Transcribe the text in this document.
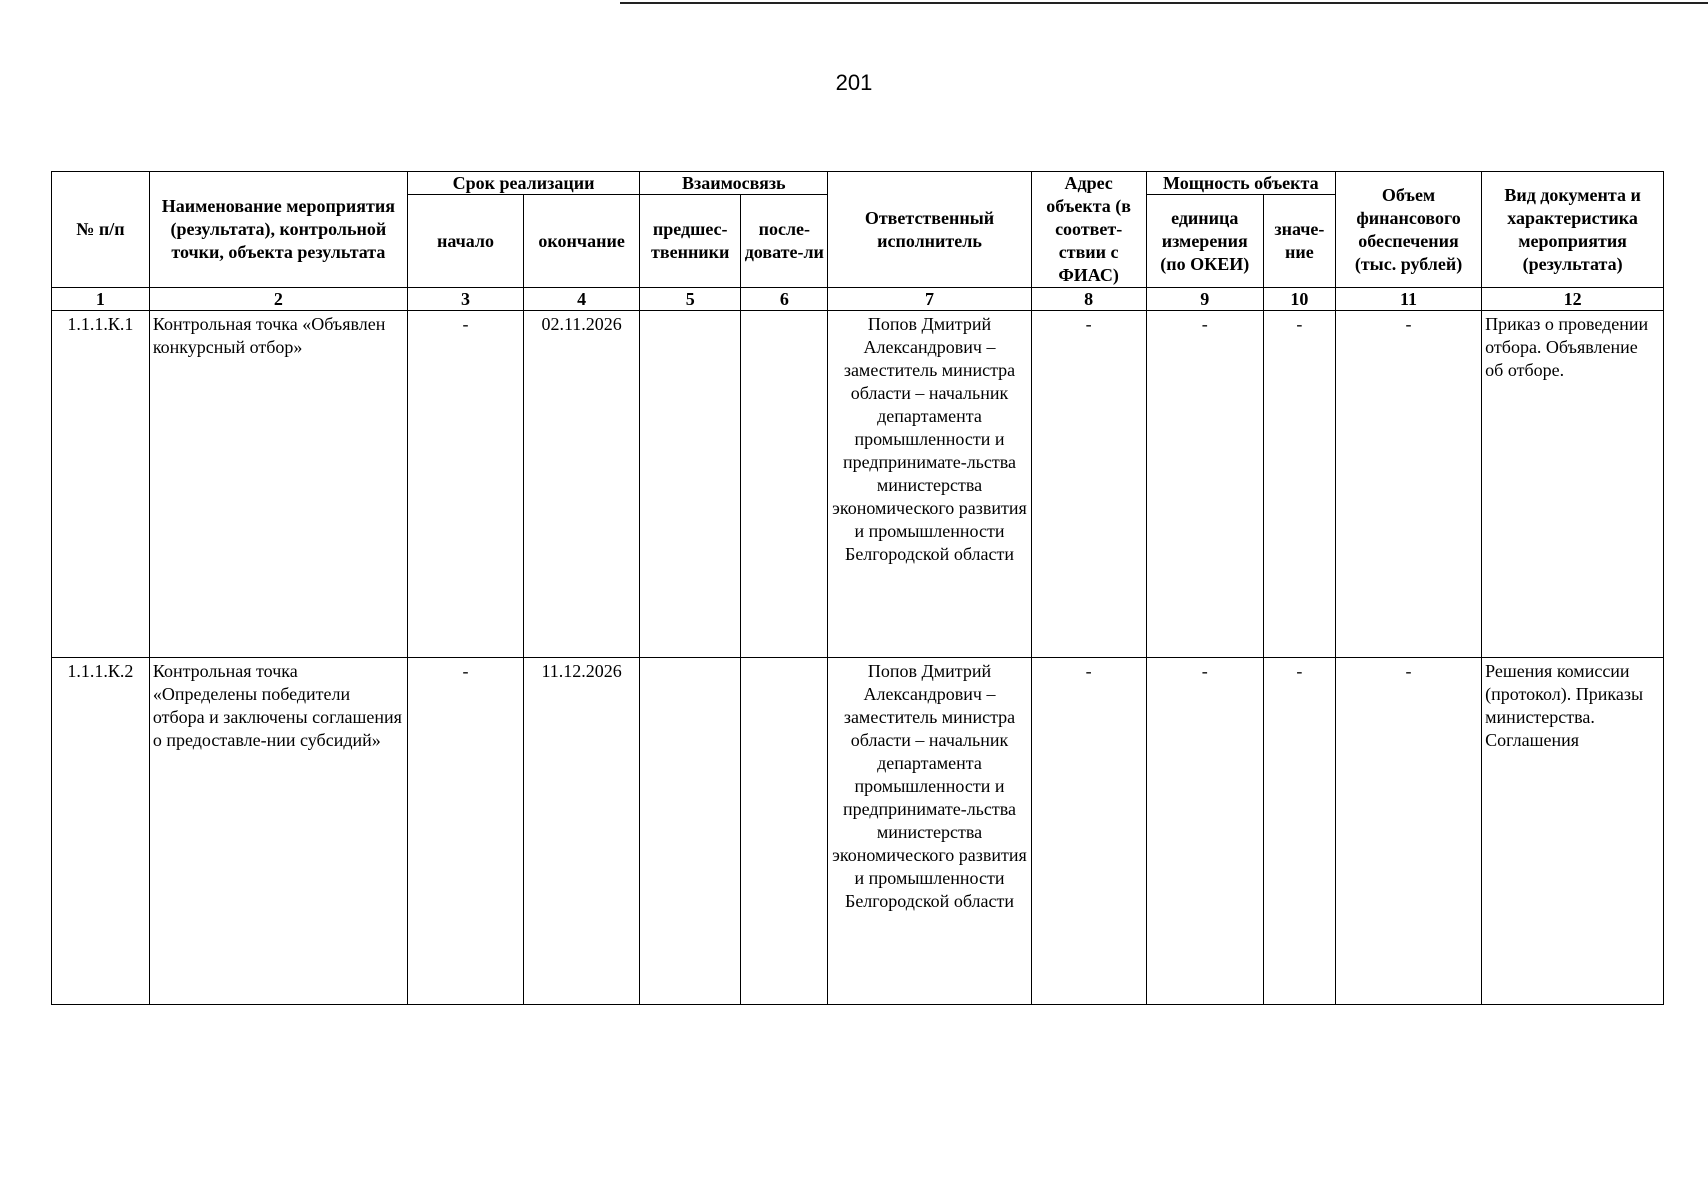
201
№ п/п	Наименование мероприятия (результата), контрольной точки, объекта результата	Срок реализации		Взаимосвязь		Ответственный исполнитель	Адрес объекта (в соответ-ствии с ФИАС)	Мощность объекта		Объем финансового обеспечения (тыс. рублей)	Вид документа и характеристика мероприятия (результата)
		начало	окончание	предшес-твенники	после-довате-ли			единица измерения (по ОКЕИ)	значе-ние		
1	2	3	4	5	6	7	8	9	10	11	12
1.1.1.К.1	Контрольная точка «Объявлен конкурсный отбор»	-	02.11.2026			Попов Дмитрий Александрович – заместитель министра области – начальник департамента промышленности и предпринимате-льства министерства экономического развития и промышленности Белгородской области	-	-	-	-	Приказ о проведении отбора. Объявление об отборе.
1.1.1.К.2	Контрольная точка «Определены победители отбора и заключены соглашения о предоставле-нии субсидий»	-	11.12.2026			Попов Дмитрий Александрович – заместитель министра области – начальник департамента промышленности и предпринимате-льства министерства экономического развития и промышленности Белгородской области	-	-	-	-	Решения комиссии (протокол). Приказы министерства. Соглашения
